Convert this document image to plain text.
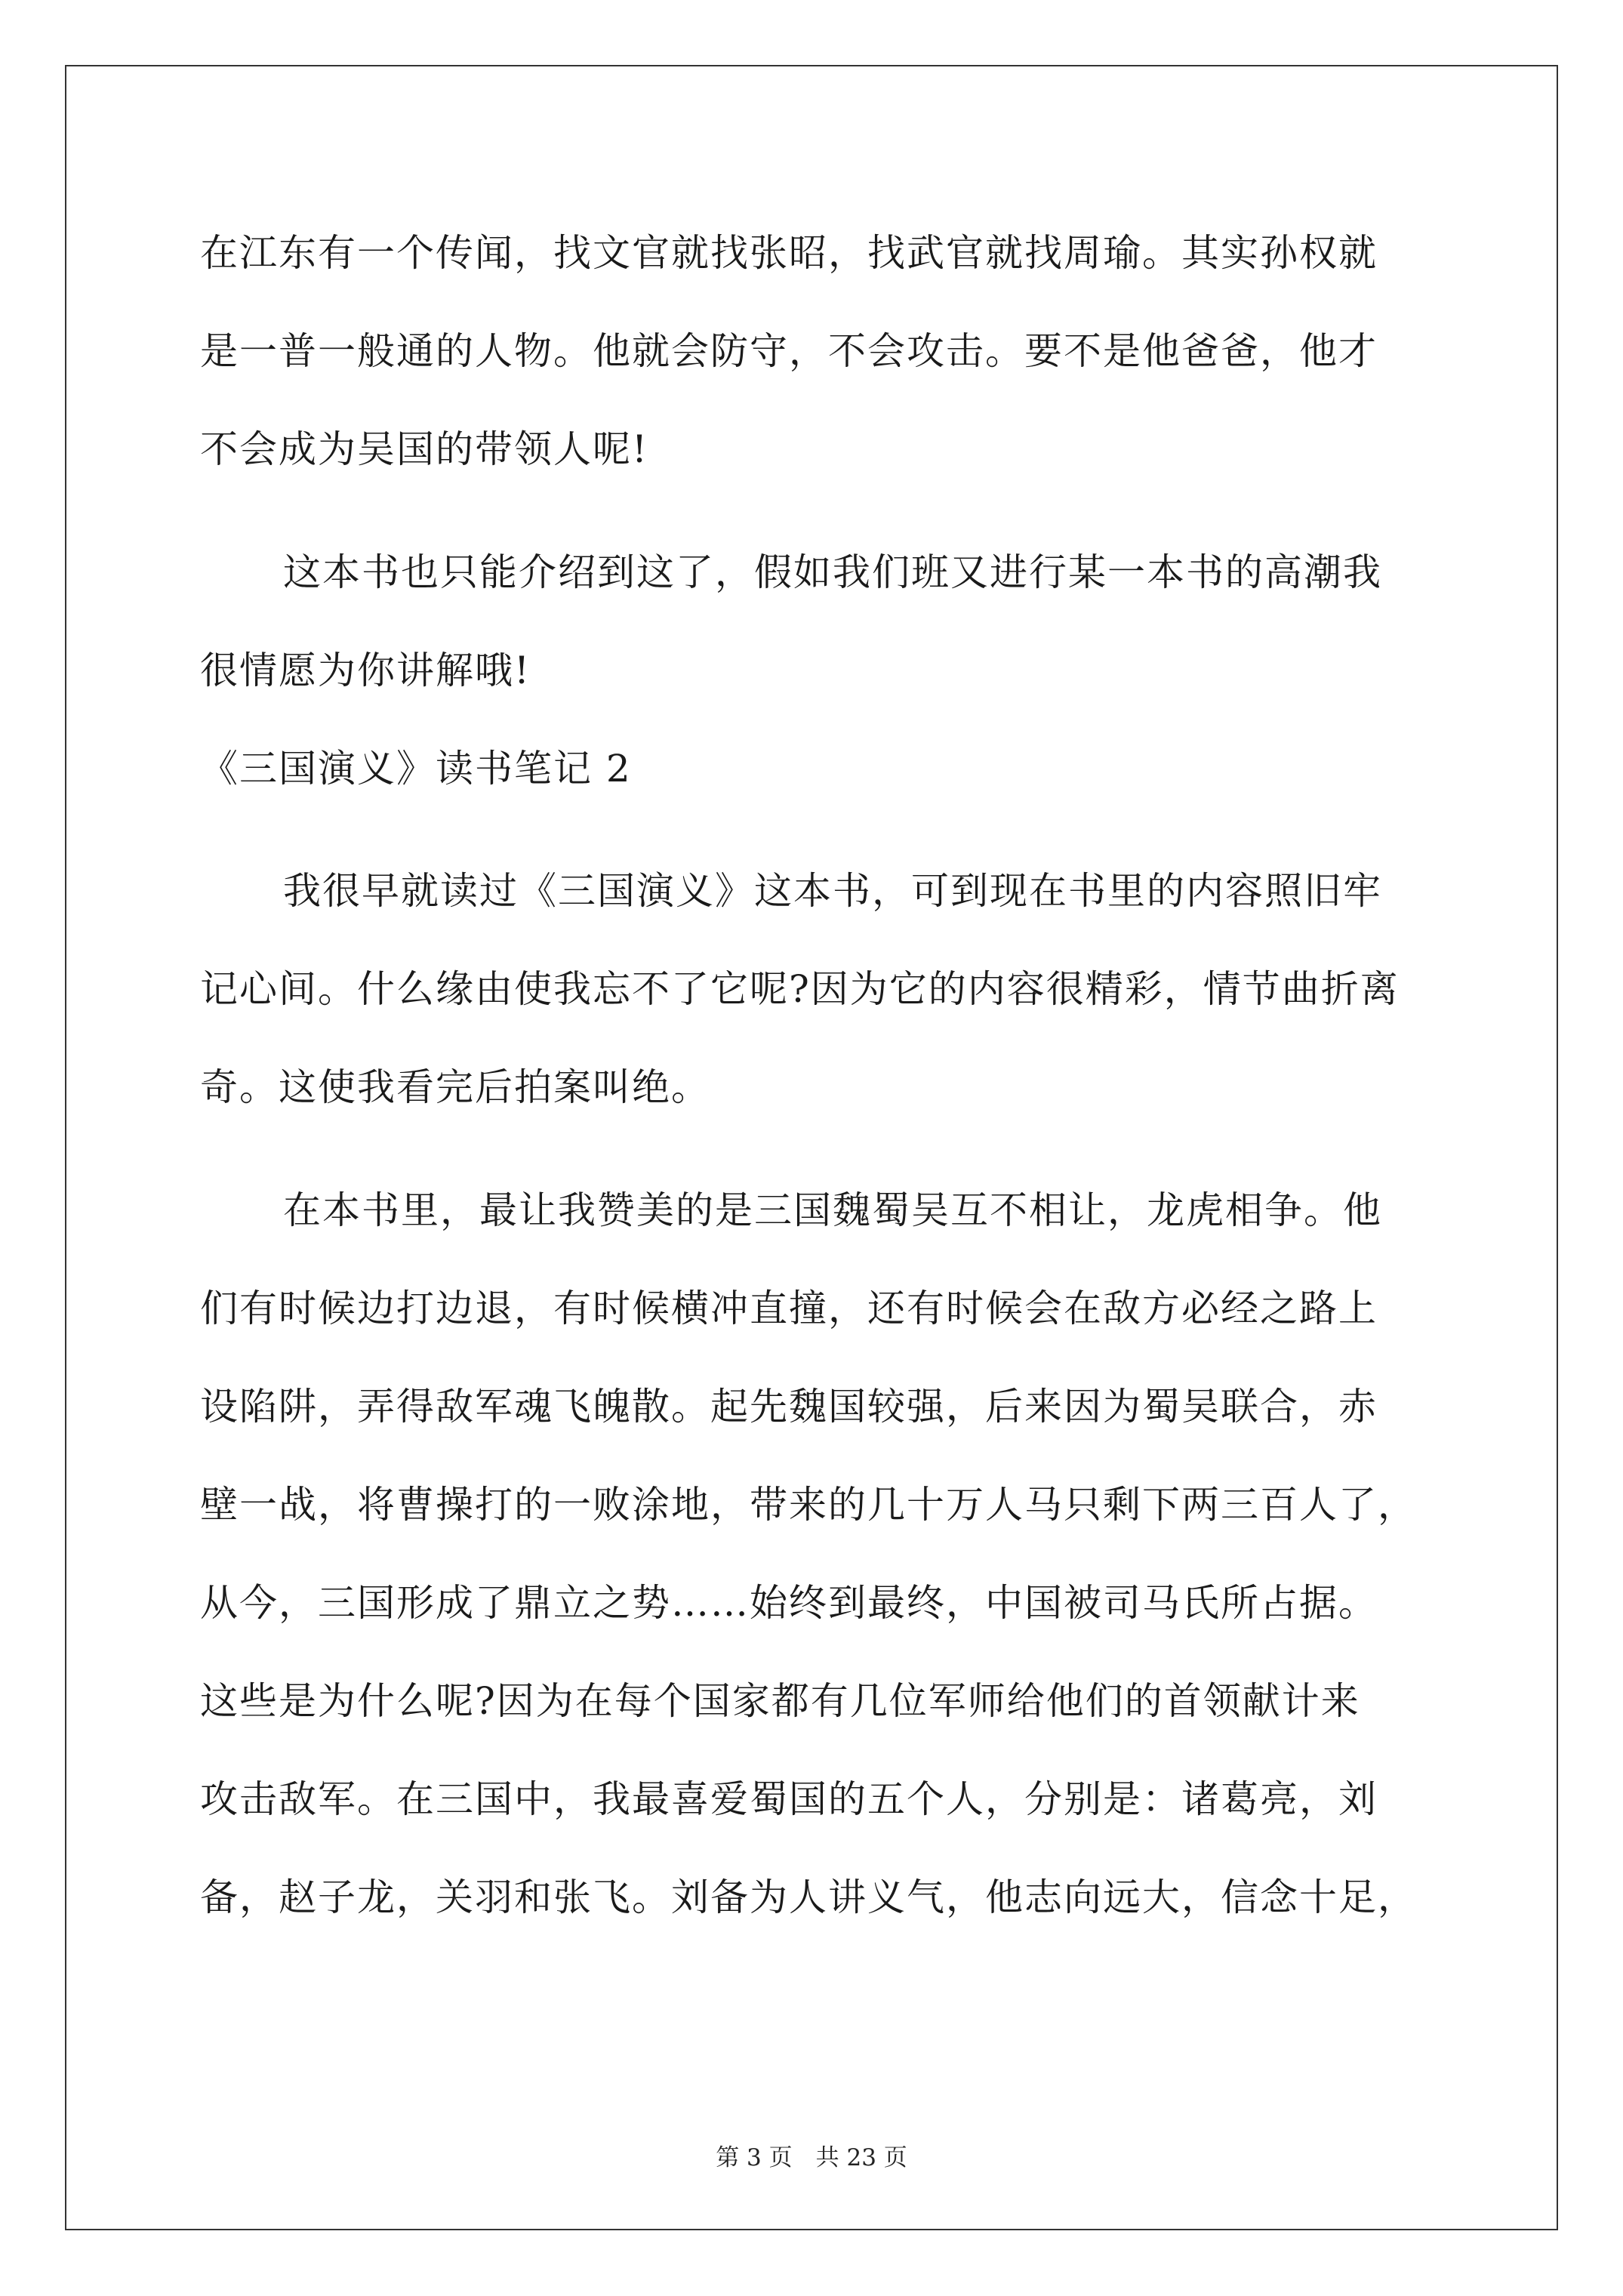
在江东有一个传闻，找文官就找张昭，找武官就找周瑜。其实孙权就
是一普一般通的人物。他就会防守，不会攻击。要不是他爸爸，他才
不会成为吴国的带领人呢!
这本书也只能介绍到这了，假如我们班又进行某一本书的高潮我
很情愿为你讲解哦!
《三国演义》读书笔记 2
我很早就读过《三国演义》这本书，可到现在书里的内容照旧牢
记心间。什么缘由使我忘不了它呢?因为它的内容很精彩，情节曲折离
奇。这使我看完后拍案叫绝。
在本书里，最让我赞美的是三国魏蜀吴互不相让，龙虎相争。他
们有时候边打边退，有时候横冲直撞，还有时候会在敌方必经之路上
设陷阱，弄得敌军魂飞魄散。起先魏国较强，后来因为蜀吴联合，赤
壁一战，将曹操打的一败涂地，带来的几十万人马只剩下两三百人了，
从今，三国形成了鼎立之势……始终到最终，中国被司马氏所占据。
这些是为什么呢?因为在每个国家都有几位军师给他们的首领献计来
攻击敌军。在三国中，我最喜爱蜀国的五个人，分别是：诸葛亮，刘
备，赵子龙，关羽和张飞。刘备为人讲义气，他志向远大，信念十足，
第 3 页　共 23 页
